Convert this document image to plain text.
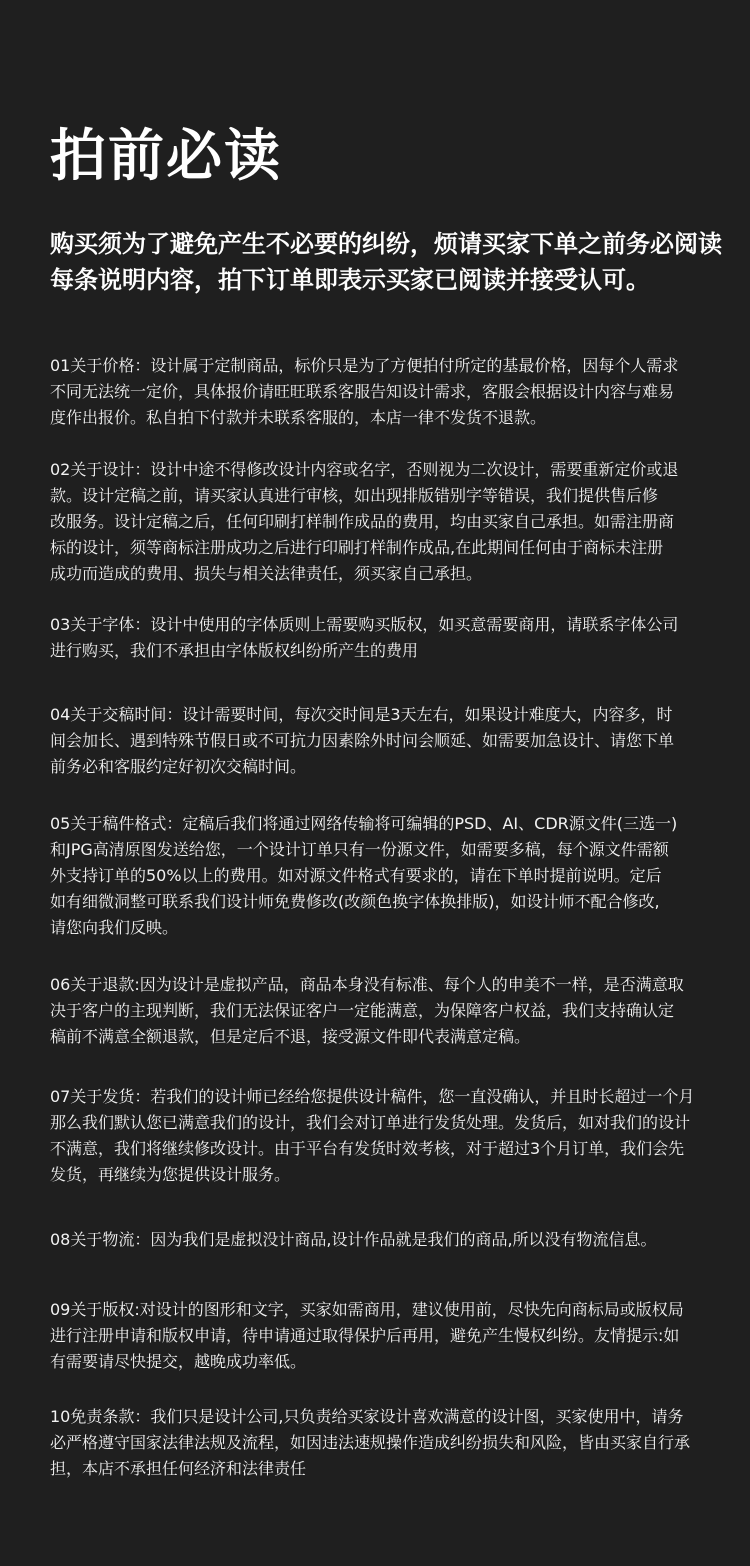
拍前必读

购买须为了避免产生不必要的纠纷，烦请买家下单之前务必阅读
每条说明内容，拍下订单即表示买家已阅读并接受认可。

01关于价格：设计属于定制商品，标价只是为了方便拍付所定的基最价格，因每个人需求
不同无法统一定价，具体报价请旺旺联系客服告知设计需求，客服会根据设计内容与难易
度作出报价。私自拍下付款并未联系客服的，本店一律不发货不退款。

02关于设计：设计中途不得修改设计内容或名字，否则视为二次设计，需要重新定价或退
款。设计定稿之前，请买家认真进行审核，如出现排版错别字等错误，我们提供售后修
改服务。设计定稿之后，任何印刷打样制作成品的费用，均由买家自己承担。如需注册商
标的设计，须等商标注册成功之后进行印刷打样制作成品,在此期间任何由于商标未注册
成功而造成的费用、损失与相关法律责任，须买家自己承担。

03关于字体：设计中使用的字体质则上需要购买版权，如买意需要商用，请联系字体公司
进行购买，我们不承担由字体版权纠纷所产生的费用

04关于交稿时间：设计需要时间，每次交时间是3天左右，如果设计难度大，内容多，时
间会加长、遇到特殊节假日或不可抗力因素除外时问会顺延、如需要加急设计、请您下单
前务必和客服约定好初次交稿时间。

05关于稿件格式：定稿后我们将通过网络传输将可编辑的PSD、AI、CDR源文件(三选一)
和JPG高清原图发送给您，一个设计订单只有一份源文件，如需要多稿，每个源文件需额
外支持订单的50%以上的费用。如对源文件格式有要求的，请在下单时提前说明。定后
如有细微洞整可联系我们设计师免费修改(改颜色换字体换排版)，如设计师不配合修改,
请您向我们反映。

06关于退款:因为设计是虚拟产品，商品本身没有标准、每个人的申美不一样，是否满意取
决于客户的主现判断，我们无法保证客户一定能满意，为保障客户权益，我们支持确认定
稿前不满意全额退款，但是定后不退，接受源文件即代表满意定稿。

07关于发货：若我们的设计师已经给您提供设计稿件，您一直没确认，并且时长超过一个月
那么我们默认您已满意我们的设计，我们会对订单进行发货处理。发货后，如对我们的设计
不满意，我们将继续修改设计。由于平台有发货时效考核，对于超过3个月订单，我们会先
发货，再继续为您提供设计服务。

08关于物流：因为我们是虚拟没计商品,设计作品就是我们的商品,所以没有物流信息。

09关于版权:对设计的图形和文字，买家如需商用，建议使用前，尽快先向商标局或版权局
进行注册申请和版权申请，待申请通过取得保护后再用，避免产生慢权纠纷。友情提示:如
有需要请尽快提交，越晚成功率低。

10免责条款：我们只是设计公司,只负责给买家设计喜欢满意的设计图，买家使用中，请务
必严格遵守国家法律法规及流程，如因违法速规操作造成纠纷损失和风险，皆由买家自行承
担，本店不承担任何经济和法律责任
